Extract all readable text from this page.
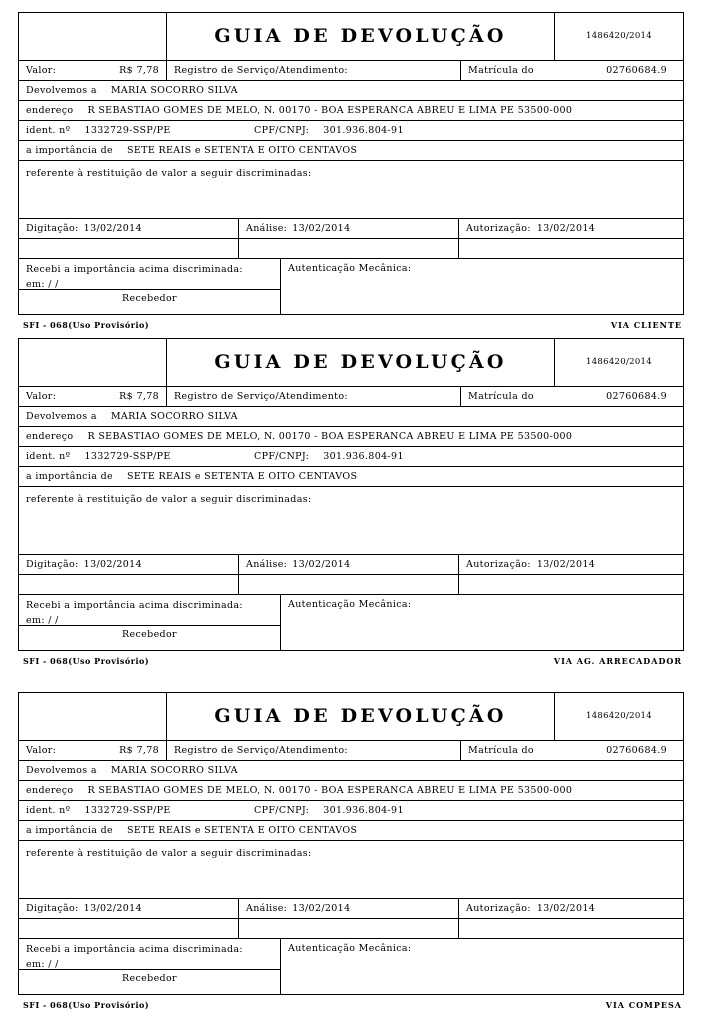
GUIA DE DEVOLUÇÃO	1486420/2014
Valor:	R$ 7,78	Registro de Serviço/Atendimento:	Matrícula do	02760684.9
Devolvemos a	MARIA SOCORRO SILVA
endereço	R SEBASTIAO GOMES DE MELO, N. 00170 - BOA ESPERANCA ABREU E LIMA PE 53500-000
ident. nº	1332729-SSP/PE	CPF/CNPJ:	301.936.804-91
a importância de	SETE REAIS e SETENTA E OITO CENTAVOS
referente à restituição de valor a seguir discriminadas:
Digitação: 13/02/2014	Análise: 13/02/2014	Autorização: 13/02/2014
Recebi a importância acima discriminada:
em: / /
Recebedor
Autenticação Mecânica:
SFI - 068(Uso Provisório)	VIA CLIENTE
GUIA DE DEVOLUÇÃO	1486420/2014
Valor:	R$ 7,78	Registro de Serviço/Atendimento:	Matrícula do	02760684.9
Devolvemos a	MARIA SOCORRO SILVA
endereço	R SEBASTIAO GOMES DE MELO, N. 00170 - BOA ESPERANCA ABREU E LIMA PE 53500-000
ident. nº	1332729-SSP/PE	CPF/CNPJ:	301.936.804-91
a importância de	SETE REAIS e SETENTA E OITO CENTAVOS
referente à restituição de valor a seguir discriminadas:
Digitação: 13/02/2014	Análise: 13/02/2014	Autorização: 13/02/2014
Recebi a importância acima discriminada:
em: / /
Recebedor
Autenticação Mecânica:
SFI - 068(Uso Provisório)	VIA AG. ARRECADADOR
GUIA DE DEVOLUÇÃO	1486420/2014
Valor:	R$ 7,78	Registro de Serviço/Atendimento:	Matrícula do	02760684.9
Devolvemos a	MARIA SOCORRO SILVA
endereço	R SEBASTIAO GOMES DE MELO, N. 00170 - BOA ESPERANCA ABREU E LIMA PE 53500-000
ident. nº	1332729-SSP/PE	CPF/CNPJ:	301.936.804-91
a importância de	SETE REAIS e SETENTA E OITO CENTAVOS
referente à restituição de valor a seguir discriminadas:
Digitação: 13/02/2014	Análise: 13/02/2014	Autorização: 13/02/2014
Recebi a importância acima discriminada:
em: / /
Recebedor
Autenticação Mecânica:
SFI - 068(Uso Provisório)	VIA COMPESA
